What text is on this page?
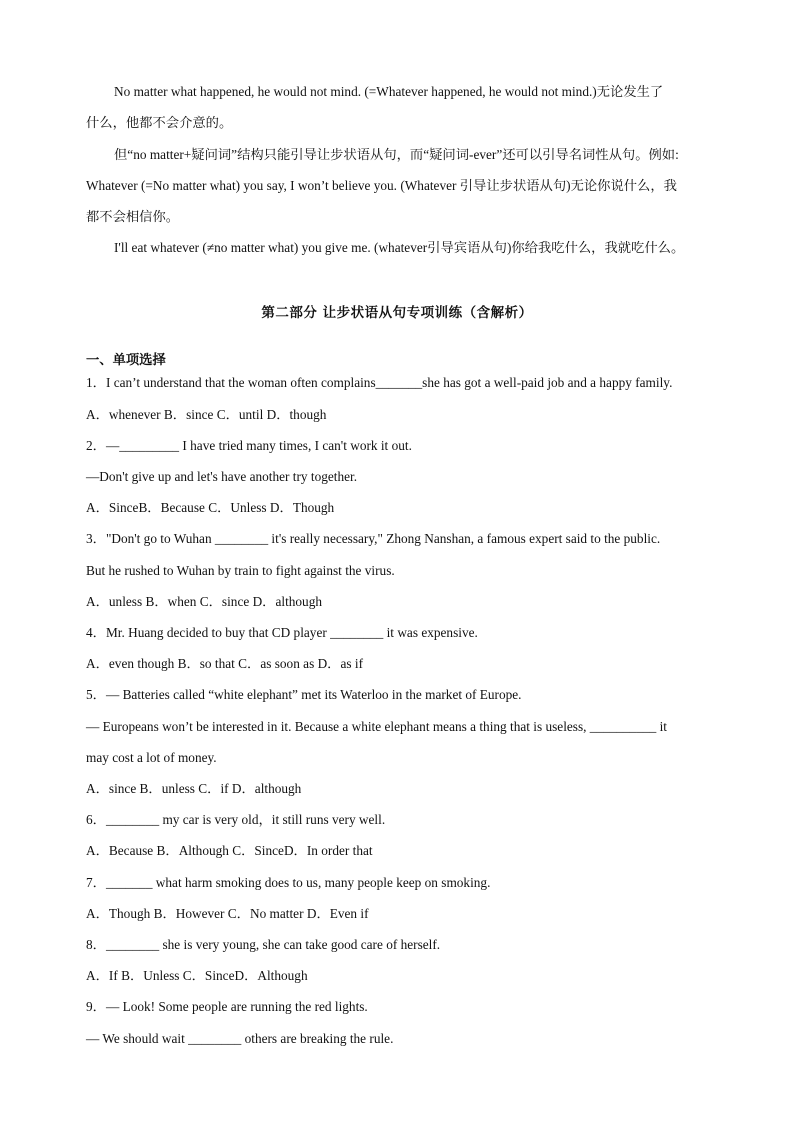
No matter what happened, he would not mind. (=Whatever happened, he would not mind.)无论发生了
什么，他都不会介意的。
但“no matter+疑问词”结构只能引导让步状语从句，而“疑问词-ever”还可以引导名词性从句。例如:
Whatever (=No matter what) you say, I won’t believe you. (Whatever 引导让步状语从句)无论你说什么，我
都不会相信你。
I'll eat whatever (≠no matter what) you give me. (whatever引导宾语从句)你给我吃什么，我就吃什么。
第二部分 让步状语从句专项训练（含解析）
一、单项选择
1．I can’t understand that the woman often complains_______she has got a well-paid job and a happy family.
A．whenever B．since C．until D．though
2．—_________ I have tried many times, I can't work it out.
—Don't give up and let's have another try together.
A．SinceB．Because C．Unless D．Though
3．"Don't go to Wuhan ________ it's really necessary," Zhong Nanshan, a famous expert said to the public.
But he rushed to Wuhan by train to fight against the virus.
A．unless B．when C．since D．although
4．Mr. Huang decided to buy that CD player ________ it was expensive.
A．even though B．so that C．as soon as D．as if
5．— Batteries called “white elephant” met its Waterloo in the market of Europe.
— Europeans won’t be interested in it. Because a white elephant means a thing that is useless, __________ it
may cost a lot of money.
A．since B．unless C．if D．although
6．________ my car is very old，it still runs very well.
A．Because B．Although C．SinceD．In order that
7．_______ what harm smoking does to us, many people keep on smoking.
A．Though B．However C．No matter D．Even if
8．________ she is very young, she can take good care of herself.
A．If B．Unless C．SinceD．Although
9．— Look! Some people are running the red lights.
— We should wait ________ others are breaking the rule.
